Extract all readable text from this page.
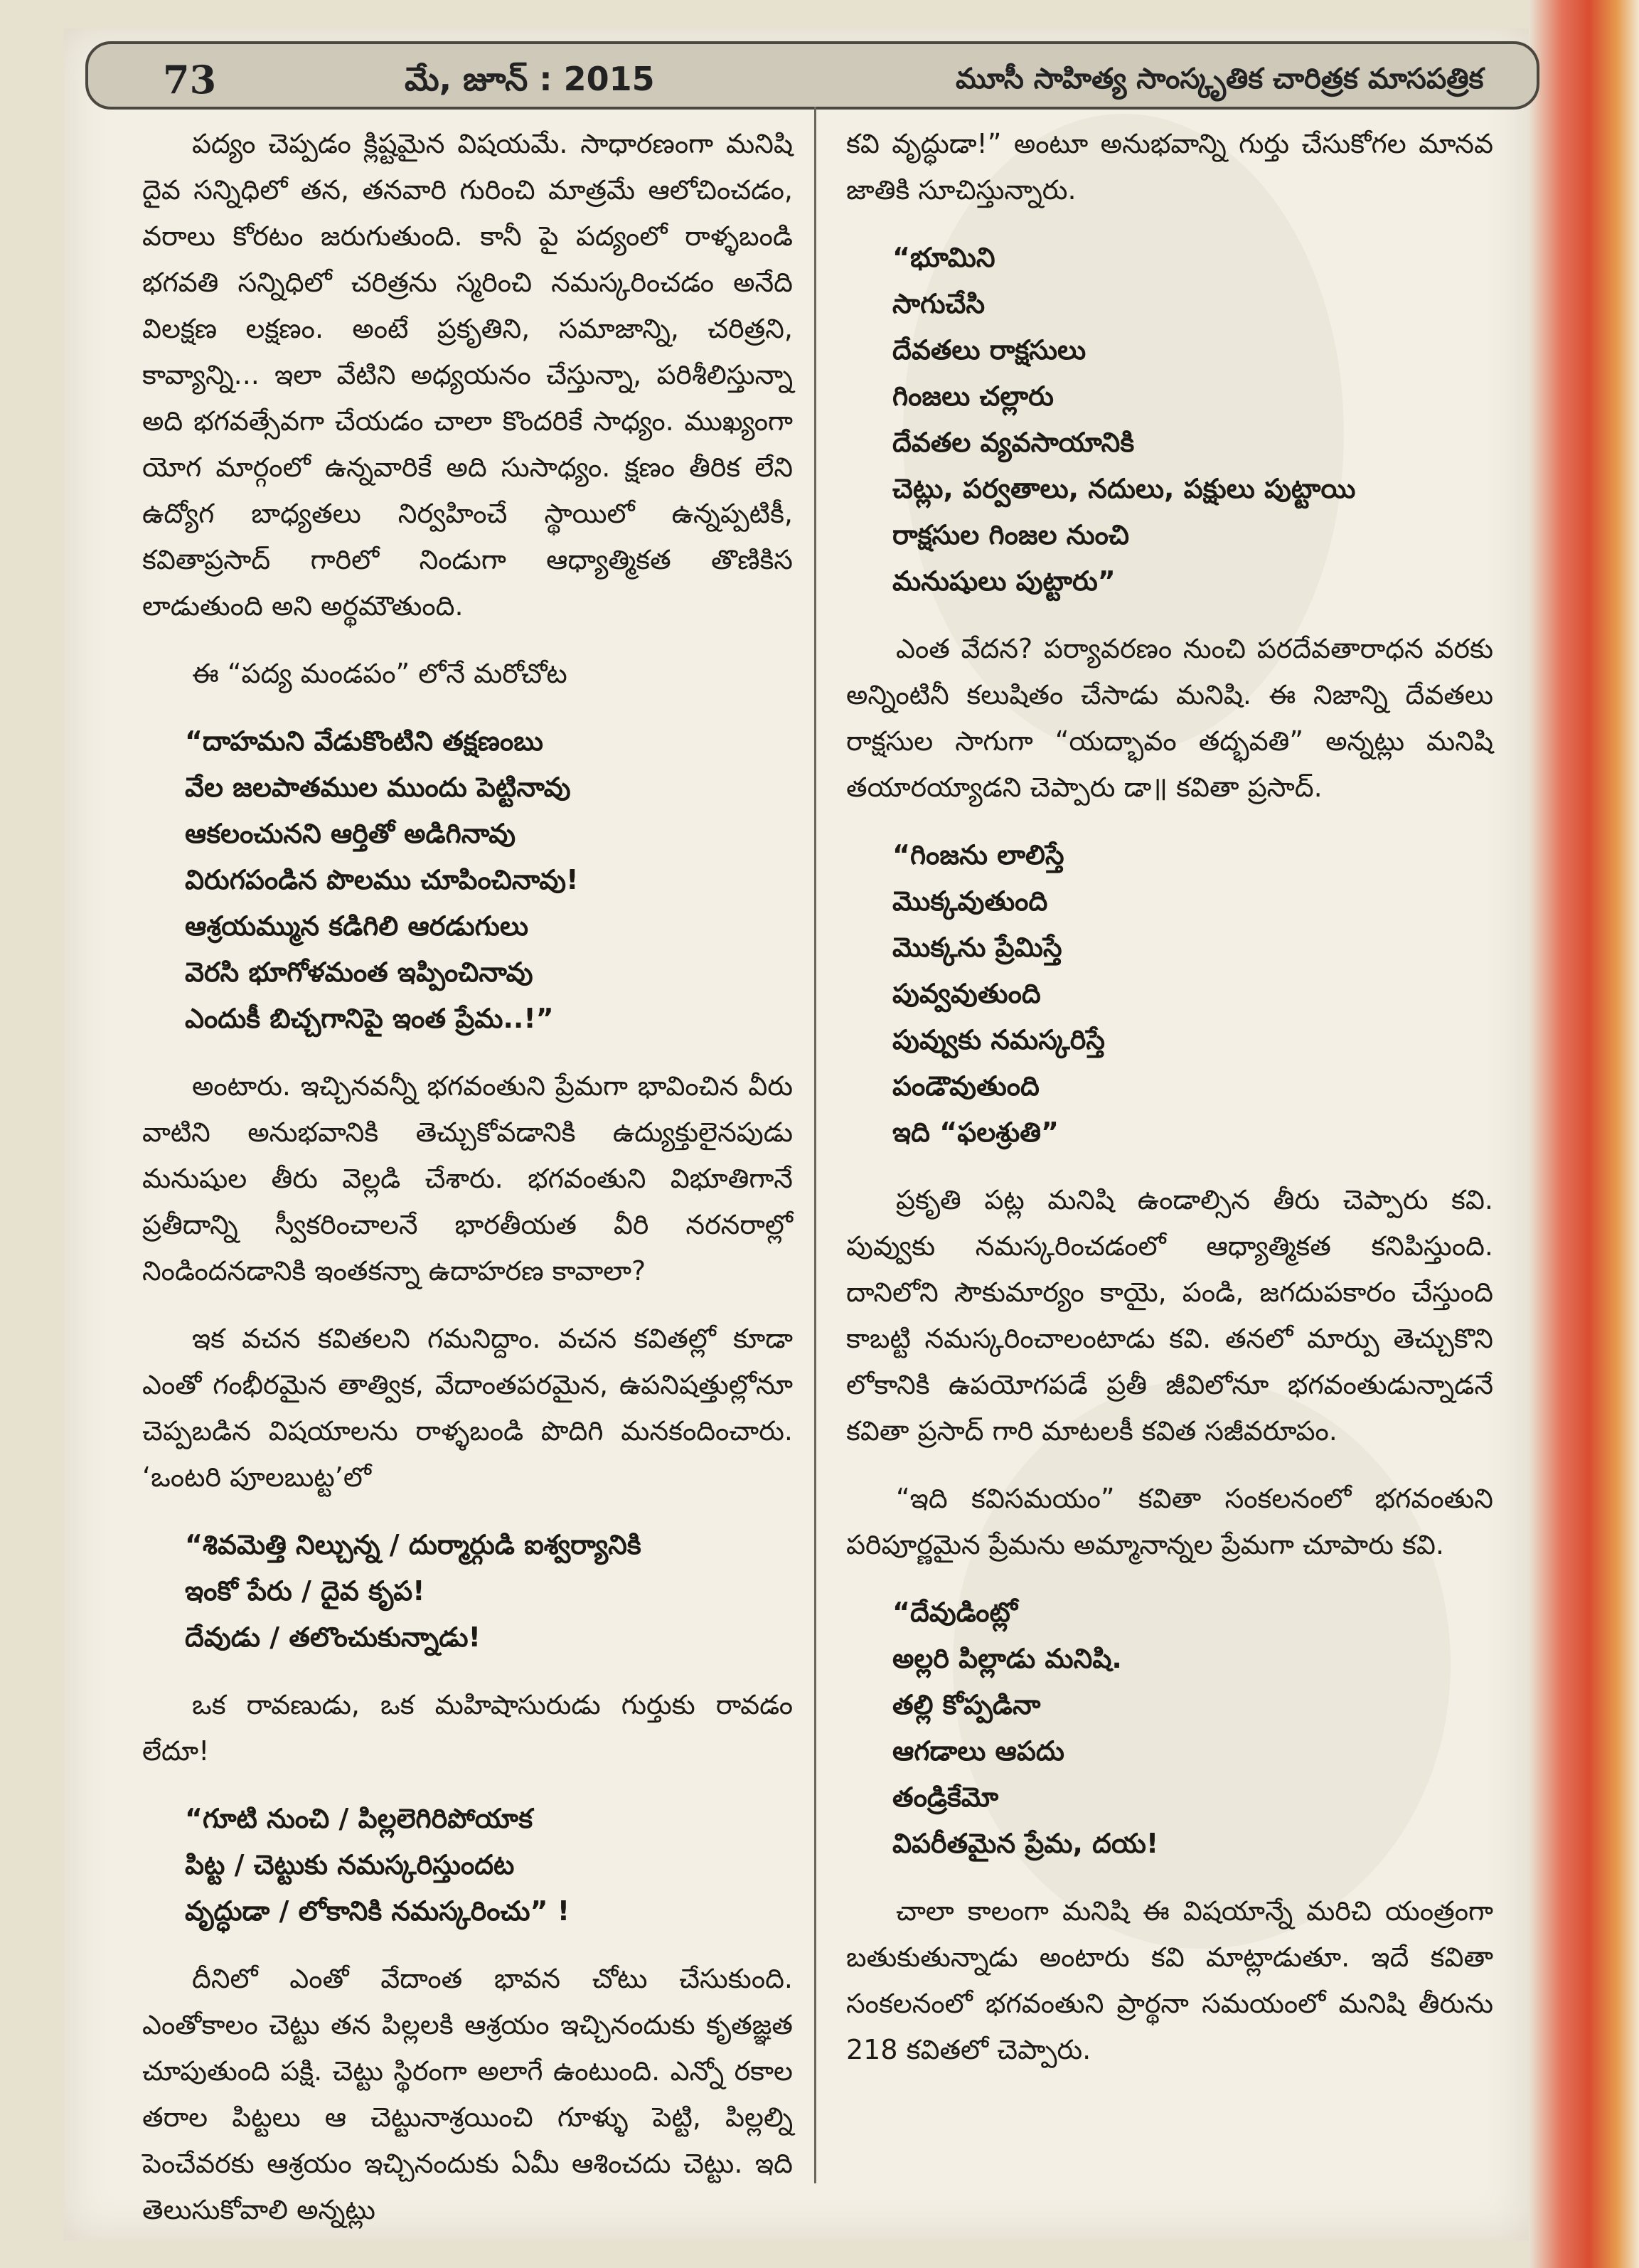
73	మే, జూన్ : 2015	మూసీ సాహిత్య సాంస్కృతిక చారిత్రక మాసపత్రిక

పద్యం చెప్పడం క్లిష్టమైన విషయమే. సాధారణంగా మనిషి దైవ సన్నిధిలో తన, తనవారి గురించి మాత్రమే ఆలోచించడం, వరాలు కోరటం జరుగుతుంది. కానీ పై పద్యంలో రాళ్ళబండి భగవతి సన్నిధిలో చరిత్రను స్మరించి నమస్కరించడం అనేది విలక్షణ లక్షణం. అంటే ప్రకృతిని, సమాజాన్ని, చరిత్రని, కావ్యాన్ని... ఇలా వేటిని అధ్యయనం చేస్తున్నా, పరిశీలిస్తున్నా అది భగవత్సేవగా చేయడం చాలా కొందరికే సాధ్యం. ముఖ్యంగా యోగ మార్గంలో ఉన్నవారికే అది సుసాధ్యం. క్షణం తీరిక లేని ఉద్యోగ బాధ్యతలు నిర్వహించే స్థాయిలో ఉన్నప్పటికీ, కవితాప్రసాద్ గారిలో నిండుగా ఆధ్యాత్మికత తొణికిస లాడుతుంది అని అర్థమౌతుంది.

ఈ “పద్య మండపం” లోనే మరోచోట

“దాహమని వేడుకొంటిని తక్షణంబు
వేల జలపాతముల ముందు పెట్టినావు
ఆకలంచునని ఆర్తితో అడిగినావు
విరుగపండిన పొలము చూపించినావు!
ఆశ్రయమ్మున కడిగిలి ఆరడుగులు
వెరసి భూగోళమంత ఇప్పించినావు
ఎందుకీ బిచ్చగానిపై ఇంత ప్రేమ..!”

అంటారు. ఇచ్చినవన్నీ భగవంతుని ప్రేమగా భావించిన వీరు వాటిని అనుభవానికి తెచ్చుకోవడానికి ఉద్యుక్తులైనపుడు మనుషుల తీరు వెల్లడి చేశారు. భగవంతుని విభూతిగానే ప్రతీదాన్ని స్వీకరించాలనే భారతీయత వీరి నరనరాల్లో నిండిందనడానికి ఇంతకన్నా ఉదాహరణ కావాలా?

ఇక వచన కవితలని గమనిద్దాం. వచన కవితల్లో కూడా ఎంతో గంభీరమైన తాత్విక, వేదాంతపరమైన, ఉపనిషత్తుల్లోనూ చెప్పబడిన విషయాలను రాళ్ళబండి పొదిగి మనకందించారు. ‘ఒంటరి పూలబుట్ట’లో

“శివమెత్తి నిల్చున్న / దుర్మార్గుడి ఐశ్వర్యానికి
ఇంకో పేరు / దైవ కృప!
దేవుడు / తలొంచుకున్నాడు!

ఒక రావణుడు, ఒక మహిషాసురుడు గుర్తుకు రావడం లేదూ!

“గూటి నుంచి / పిల్లలెగిరిపోయాక
పిట్ట / చెట్టుకు నమస్కరిస్తుందట
వృద్ధుడా / లోకానికి నమస్కరించు” !

దీనిలో ఎంతో వేదాంత భావన చోటు చేసుకుంది. ఎంతోకాలం చెట్టు తన పిల్లలకి ఆశ్రయం ఇచ్చినందుకు కృతజ్ఞత చూపుతుంది పక్షి. చెట్టు స్థిరంగా అలాగే ఉంటుంది. ఎన్నో రకాల తరాల పిట్టలు ఆ చెట్టునాశ్రయించి గూళ్ళు పెట్టి, పిల్లల్ని పెంచేవరకు ఆశ్రయం ఇచ్చినందుకు ఏమీ ఆశించదు చెట్టు. ఇది తెలుసుకోవాలి అన్నట్లు

కవి వృద్ధుడా!” అంటూ అనుభవాన్ని గుర్తు చేసుకోగల మానవ జాతికి సూచిస్తున్నారు.

“భూమిని
సాగుచేసి
దేవతలు రాక్షసులు
గింజలు చల్లారు
దేవతల వ్యవసాయానికి
చెట్లు, పర్వతాలు, నదులు, పక్షులు పుట్టాయి
రాక్షసుల గింజల నుంచి
మనుషులు పుట్టారు”

ఎంత వేదన? పర్యావరణం నుంచి పరదేవతారాధన వరకు అన్నింటినీ కలుషితం చేసాడు మనిషి. ఈ నిజాన్ని దేవతలు రాక్షసుల సాగుగా “యద్భావం తద్భవతి” అన్నట్లు మనిషి తయారయ్యాడని చెప్పారు డా॥ కవితా ప్రసాద్.

“గింజను లాలిస్తే
మొక్కవుతుంది
మొక్కను ప్రేమిస్తే
పువ్వవుతుంది
పువ్వుకు నమస్కరిస్తే
పండౌవుతుంది
ఇది “ఫలశ్రుతి”

ప్రకృతి పట్ల మనిషి ఉండాల్సిన తీరు చెప్పారు కవి. పువ్వుకు నమస్కరించడంలో ఆధ్యాత్మికత కనిపిస్తుంది. దానిలోని సౌకుమార్యం కాయై, పండి, జగదుపకారం చేస్తుంది కాబట్టి నమస్కరించాలంటాడు కవి. తనలో మార్పు తెచ్చుకొని లోకానికి ఉపయోగపడే ప్రతీ జీవిలోనూ భగవంతుడున్నాడనే కవితా ప్రసాద్ గారి మాటలకీ కవిత సజీవరూపం.

“ఇది కవిసమయం” కవితా సంకలనంలో భగవంతుని పరిపూర్ణమైన ప్రేమను అమ్మానాన్నల ప్రేమగా చూపారు కవి.

“దేవుడింట్లో
అల్లరి పిల్లాడు మనిషి.
తల్లి కోప్పడినా
ఆగడాలు ఆపదు
తండ్రికేమో
విపరీతమైన ప్రేమ, దయ!

చాలా కాలంగా మనిషి ఈ విషయాన్నే మరిచి యంత్రంగా బతుకుతున్నాడు అంటారు కవి మాట్లాడుతూ. ఇదే కవితా సంకలనంలో భగవంతుని ప్రార్థనా సమయంలో మనిషి తీరును 218 కవితలో చెప్పారు.
